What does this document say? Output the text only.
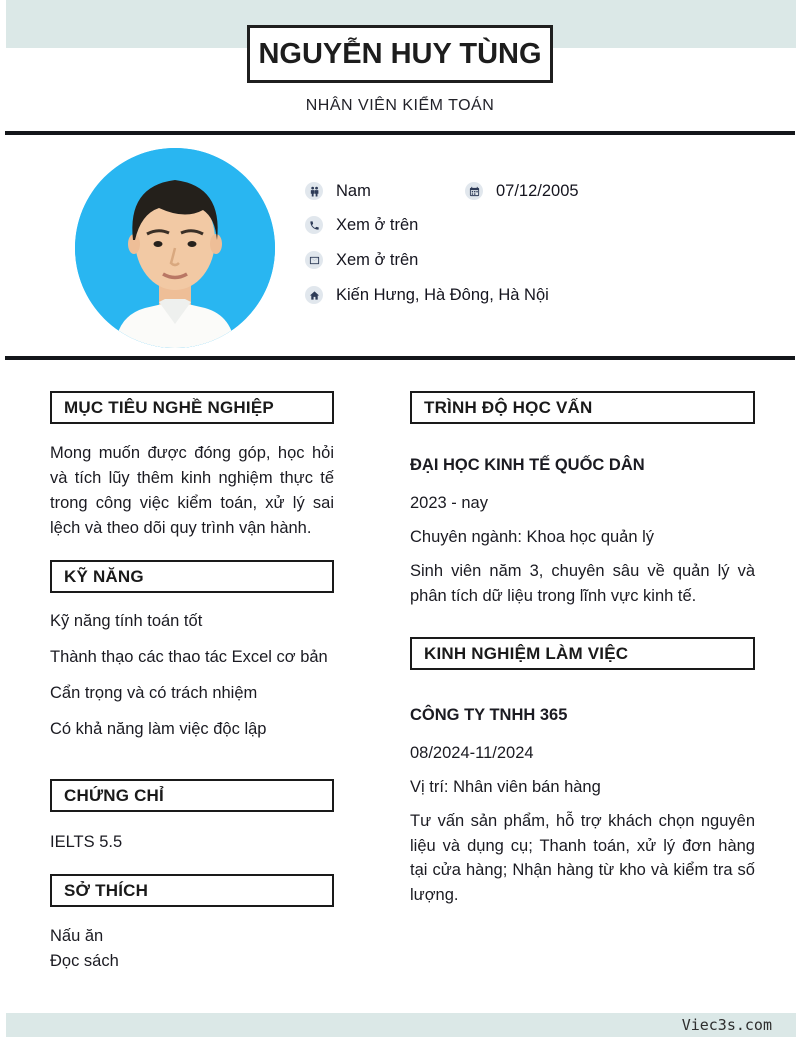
NGUYỄN HUY TÙNG
NHÂN VIÊN KIỂM TOÁN
Nam	07/12/2005
Xem ở trên
Xem ở trên
Kiến Hưng, Hà Đông, Hà Nội
MỤC TIÊU NGHỀ NGHIỆP
Mong muốn được đóng góp, học hỏi và tích lũy thêm kinh nghiệm thực tế trong công việc kiểm toán, xử lý sai lệch và theo dõi quy trình vận hành.
KỸ NĂNG
Kỹ năng tính toán tốt
Thành thạo các thao tác Excel cơ bản
Cẩn trọng và có trách nhiệm
Có khả năng làm việc độc lập
CHỨNG CHỈ
IELTS 5.5
SỞ THÍCH
Nấu ăn
Đọc sách
TRÌNH ĐỘ HỌC VẤN
ĐẠI HỌC KINH TẾ QUỐC DÂN
2023 - nay
Chuyên ngành: Khoa học quản lý
Sinh viên năm 3, chuyên sâu về quản lý và phân tích dữ liệu trong lĩnh vực kinh tế.
KINH NGHIỆM LÀM VIỆC
CÔNG TY TNHH 365
08/2024-11/2024
Vị trí: Nhân viên bán hàng
Tư vấn sản phẩm, hỗ trợ khách chọn nguyên liệu và dụng cụ; Thanh toán, xử lý đơn hàng tại cửa hàng; Nhận hàng từ kho và kiểm tra số lượng.
Viec3s.com
